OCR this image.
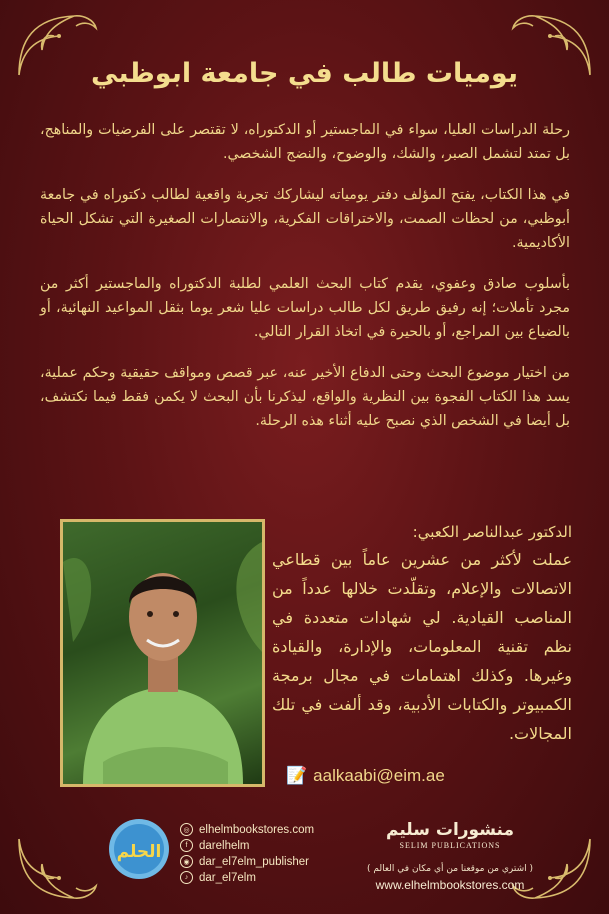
يوميات طالب في جامعة ابوظبي

رحلة الدراسات العليا، سواء في الماجستير أو الدكتوراه، لا تقتصر على الفرضيات والمناهج، بل تمتد لتشمل الصبر، والشك، والوضوح، والنضج الشخصي.

في هذا الكتاب، يفتح المؤلف دفتر يومياته ليشاركك تجربة واقعية لطالب دكتوراه في جامعة أبوظبي، من لحظات الصمت، والاختراقات الفكرية، والانتصارات الصغيرة التي تشكل الحياة الأكاديمية.

بأسلوب صادق وعفوي، يقدم كتاب البحث العلمي لطلبة الدكتوراه والماجستير أكثر من مجرد تأملات؛ إنه رفيق طريق لكل طالب دراسات عليا شعر يوما بثقل المواعيد النهائية، أو بالضياع بين المراجع، أو بالحيرة في اتخاذ القرار التالي.

من اختيار موضوع البحث وحتى الدفاع الأخير عنه، عبر قصص ومواقف حقيقية وحكم عملية، يسد هذا الكتاب الفجوة بين النظرية والواقع، ليذكرنا بأن البحث لا يكمن فقط فيما نكتشف، بل أيضا في الشخص الذي نصبح عليه أثناء هذه الرحلة.

الدكتور عبدالناصر الكعبي:
عملت لأكثر من عشرين عاماً بين قطاعي الاتصالات والإعلام، وتقلّدت خلالها عدداً من المناصب القيادية. لي شهادات متعددة في نظم تقنية المعلومات، والإدارة، والقيادة وغيرها. وكذلك اهتمامات في مجال برمجة الكمبيوتر والكتابات الأدبية، وقد ألفت في تلك المجالات.
📝 aalkaabi@eim.ae
الحلم
◎ elhelmbookstores.com
f	darelhelm
◉ dar_el7elm_publisher
♪ dar_el7elm
منشورات سليم
SELIM PUBLICATIONS
( اشتري من موقعنا من أي مكان في العالم )
www.elhelmbookstores.com
